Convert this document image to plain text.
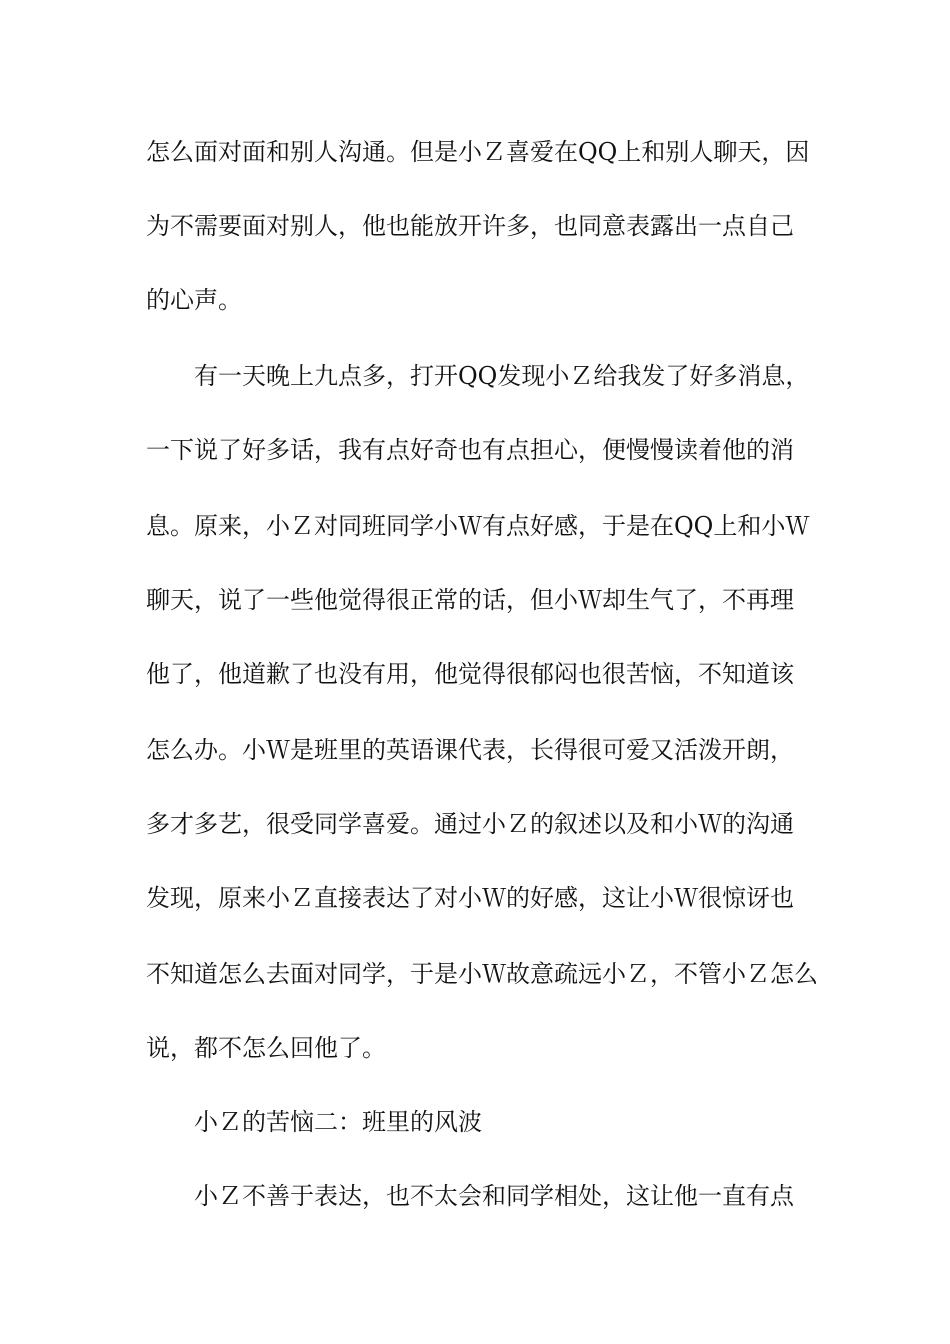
怎么面对面和别人沟通。但是小Ｚ喜爱在QQ上和别人聊天，因
为不需要面对别人，他也能放开许多，也同意表露出一点自己
的心声。
有一天晚上九点多，打开QQ发现小Ｚ给我发了好多消息，
一下说了好多话，我有点好奇也有点担心，便慢慢读着他的消
息。原来，小Ｚ对同班同学小Ｗ有点好感，于是在QQ上和小Ｗ
聊天，说了一些他觉得很正常的话，但小Ｗ却生气了，不再理
他了，他道歉了也没有用，他觉得很郁闷也很苦恼，不知道该
怎么办。小Ｗ是班里的英语课代表，长得很可爱又活泼开朗，
多才多艺，很受同学喜爱。通过小Ｚ的叙述以及和小Ｗ的沟通
发现，原来小Ｚ直接表达了对小Ｗ的好感，这让小Ｗ很惊讶也
不知道怎么去面对同学，于是小Ｗ故意疏远小Ｚ，不管小Ｚ怎么
说，都不怎么回他了。
小Ｚ的苦恼二：班里的风波
小Ｚ不善于表达，也不太会和同学相处，这让他一直有点
